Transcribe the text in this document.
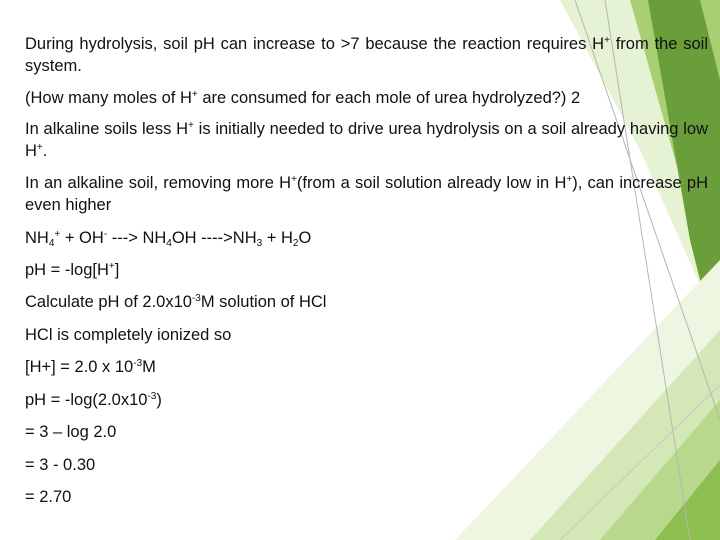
During hydrolysis, soil pH can increase to >7 because the reaction requires H+ from the soil system.

(How many moles of H+ are consumed for each mole of urea hydrolyzed?) 2

In alkaline soils less H+ is initially needed to drive urea hydrolysis on a soil already having low H+.

In an alkaline soil, removing more H+(from a soil solution already low in H+), can increase pH even higher

$NH_4^+ + OH^-$ ---> $NH_4OH$ $---->NH_3 + H_2O$

pH = -log[H+]

Calculate pH of $2.0x10^{-3}M$ solution of HCl

HCl is completely ionized so

[H+] = 2.0 x $10^{-3}M$

pH = $-\log(2.0x10^{-3})$

= 3 – log 2.0

= 3 - 0.30

= 2.70
